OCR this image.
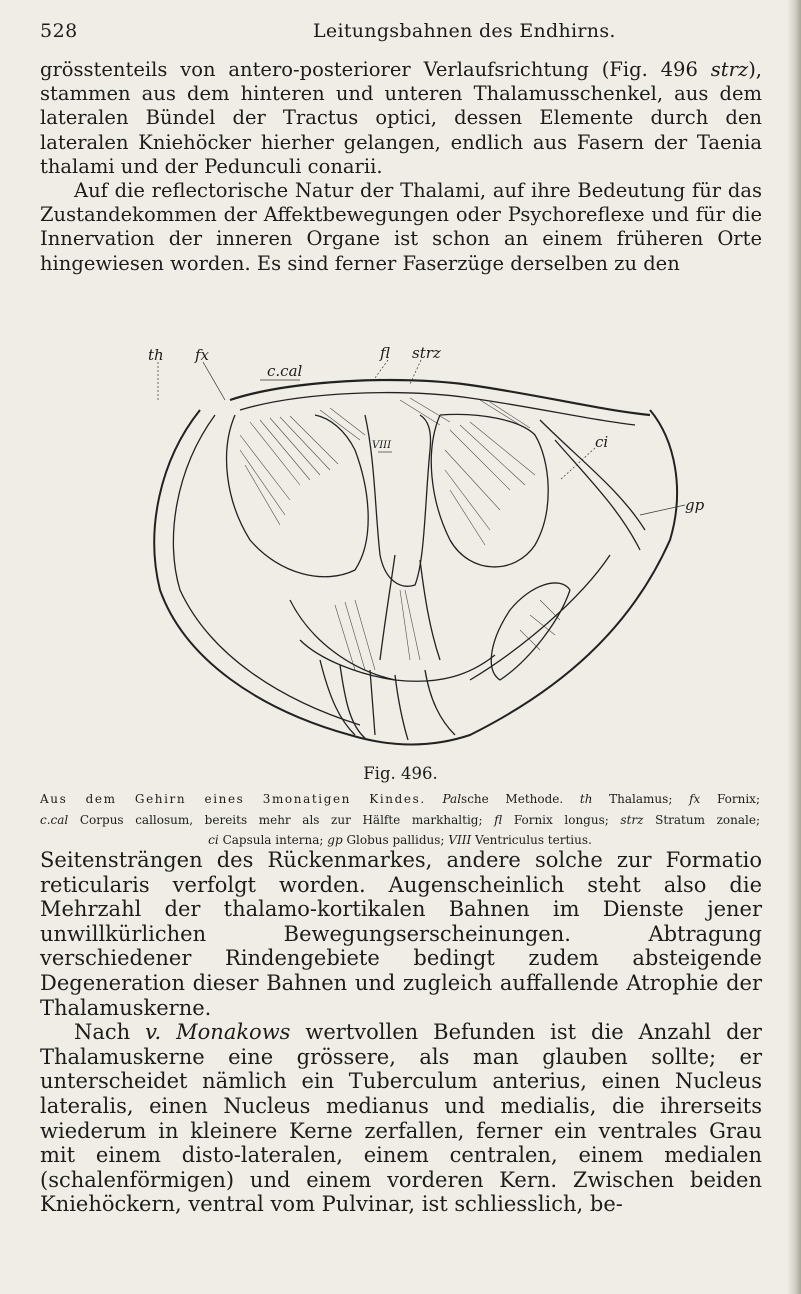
528	Leitungsbahnen des Endhirns.

grösstenteils von antero-posteriorer Verlaufsrichtung (Fig. 496 strz), stammen aus dem hinteren und unteren Thalamusschenkel, aus dem lateralen Bündel der Tractus optici, dessen Elemente durch den lateralen Kniehöcker hierher gelangen, endlich aus Fasern der Taenia thalami und der Pedunculi conarii.

Auf die reflectorische Natur der Thalami, auf ihre Bedeutung für das Zustandekommen der Affektbewegungen oder Psychoreflexe und für die Innervation der inneren Organe ist schon an einem früheren Orte hingewiesen worden. Es sind ferner Faserzüge derselben zu den

th fx
c.cal
fl strz
ci
gp
VIII
Fig. 496.
Aus dem Gehirn eines 3monatigen Kindes. Palsche Methode. th Thalamus; fx Fornix;
c.cal Corpus callosum, bereits mehr als zur Hälfte markhaltig; fl Fornix longus; strz Stratum zonale;
ci Capsula interna; gp Globus pallidus; VIII Ventriculus tertius.

Seitensträngen des Rückenmarkes, andere solche zur Formatio reticularis verfolgt worden. Augenscheinlich steht also die Mehrzahl der thalamo-kortikalen Bahnen im Dienste jener unwillkürlichen Bewegungserscheinungen. Abtragung verschiedener Rindengebiete bedingt zudem absteigende Degeneration dieser Bahnen und zugleich auffallende Atrophie der Thalamuskerne.

Nach v. Monakows wertvollen Befunden ist die Anzahl der Thalamuskerne eine grössere, als man glauben sollte; er unterscheidet nämlich ein Tuberculum anterius, einen Nucleus lateralis, einen Nucleus medianus und medialis, die ihrerseits wiederum in kleinere Kerne zerfallen, ferner ein ventrales Grau mit einem disto-lateralen, einem centralen, einem medialen (schalenförmigen) und einem vorderen Kern. Zwischen beiden Kniehöckern, ventral vom Pulvinar, ist schliesslich, be-
